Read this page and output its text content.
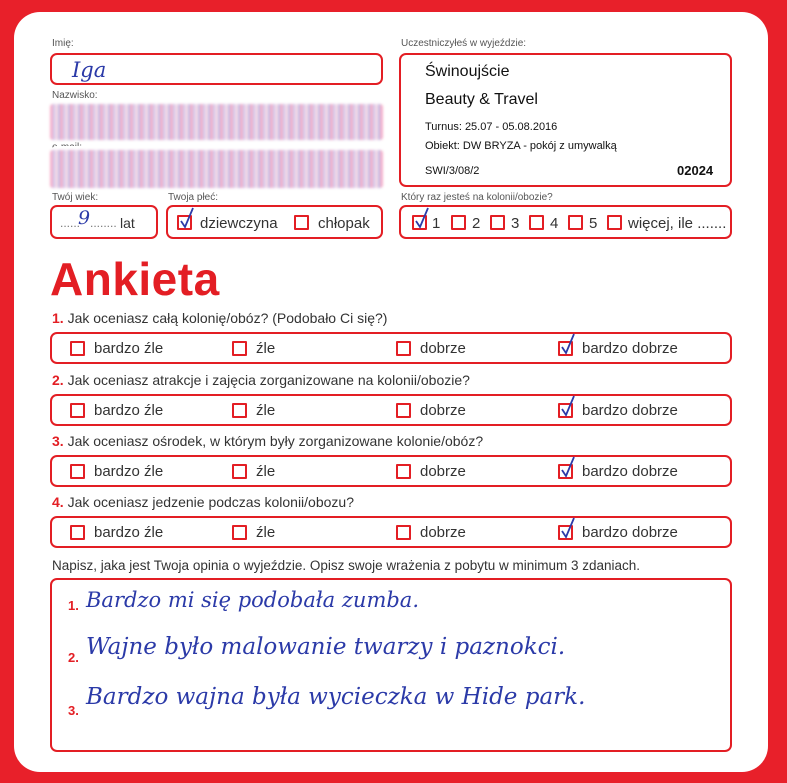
Imię:
Iga
Nazwisko:
Twój wiek:
......
9 ........ lat
Twoja płeć:
dziewczyna	chłopak
Uczestniczyłeś w wyjeździe:
Świnoujście
Beauty & Travel
Turnus: 25.07 - 05.08.2016
Obiekt: DW BRYZA - pokój z umywalką
SWI/3/08/2	02024
Który raz jesteś na kolonii/obozie?
1 2 3 4 5 więcej, ile .......
Ankieta
1. Jak oceniasz całą kolonię/obóz? (Podobało Ci się?)
bardzo źle	źle	dobrze	bardzo dobrze
2. Jak oceniasz atrakcje i zajęcia zorganizowane na kolonii/obozie?
bardzo źle	źle	dobrze	bardzo dobrze
3. Jak oceniasz ośrodek, w którym były zorganizowane kolonie/obóz?
bardzo źle	źle	dobrze	bardzo dobrze
4. Jak oceniasz jedzenie podczas kolonii/obozu?
bardzo źle	źle	dobrze	bardzo dobrze
Napisz, jaka jest Twoja opinia o wyjeździe. Opisz swoje wrażenia z pobytu w minimum 3 zdaniach.
1. Bardzo mi się podobała zumba.
2. Wajne było malowanie twarzy i paznokci.
3.
Bardzo wajna była wycieczka w Hide park.
